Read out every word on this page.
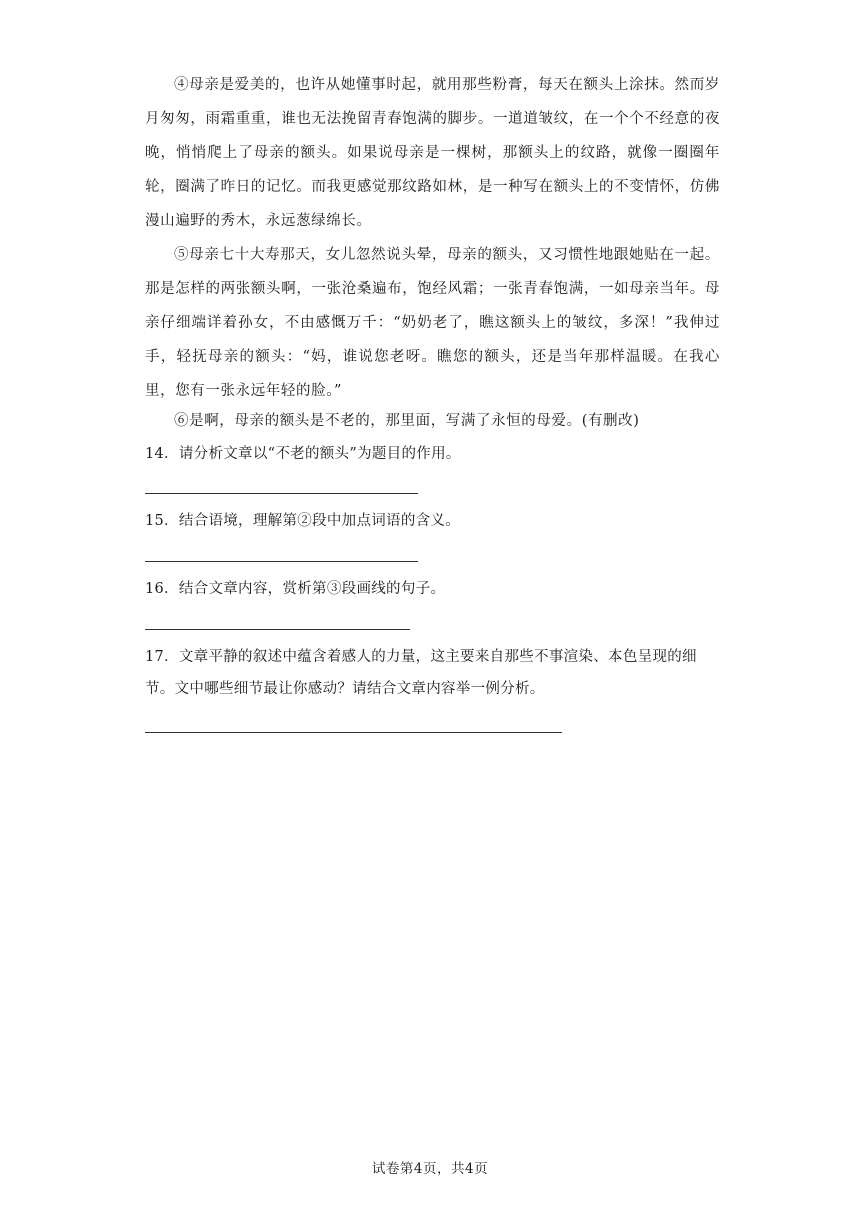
④母亲是爱美的，也许从她懂事时起，就用那些粉膏，每天在额头上涂抹。然而岁月匆匆，雨霜重重，谁也无法挽留青春饱满的脚步。一道道皱纹，在一个个不经意的夜晚，悄悄爬上了母亲的额头。如果说母亲是一棵树，那额头上的纹路，就像一圈圈年轮，圈满了昨日的记忆。而我更感觉那纹路如林，是一种写在额头上的不变情怀，仿佛漫山遍野的秀木，永远葱绿绵长。

⑤母亲七十大寿那天，女儿忽然说头晕，母亲的额头，又习惯性地跟她贴在一起。那是怎样的两张额头啊，一张沧桑遍布，饱经风霜；一张青春饱满，一如母亲当年。母亲仔细端详着孙女，不由感慨万千：“奶奶老了，瞧这额头上的皱纹，多深！”我伸过手，轻抚母亲的额头：“妈，谁说您老呀。瞧您的额头，还是当年那样温暖。在我心里，您有一张永远年轻的脸。”

⑥是啊，母亲的额头是不老的，那里面，写满了永恒的母爱。(有删改)

14．请分析文章以“不老的额头”为题目的作用。

15．结合语境，理解第②段中加点词语的含义。

16．结合文章内容，赏析第③段画线的句子。

17．文章平静的叙述中蕴含着感人的力量，这主要来自那些不事渲染、本色呈现的细节。文中哪些细节最让你感动？请结合文章内容举一例分析。

试卷第4页，共4页
